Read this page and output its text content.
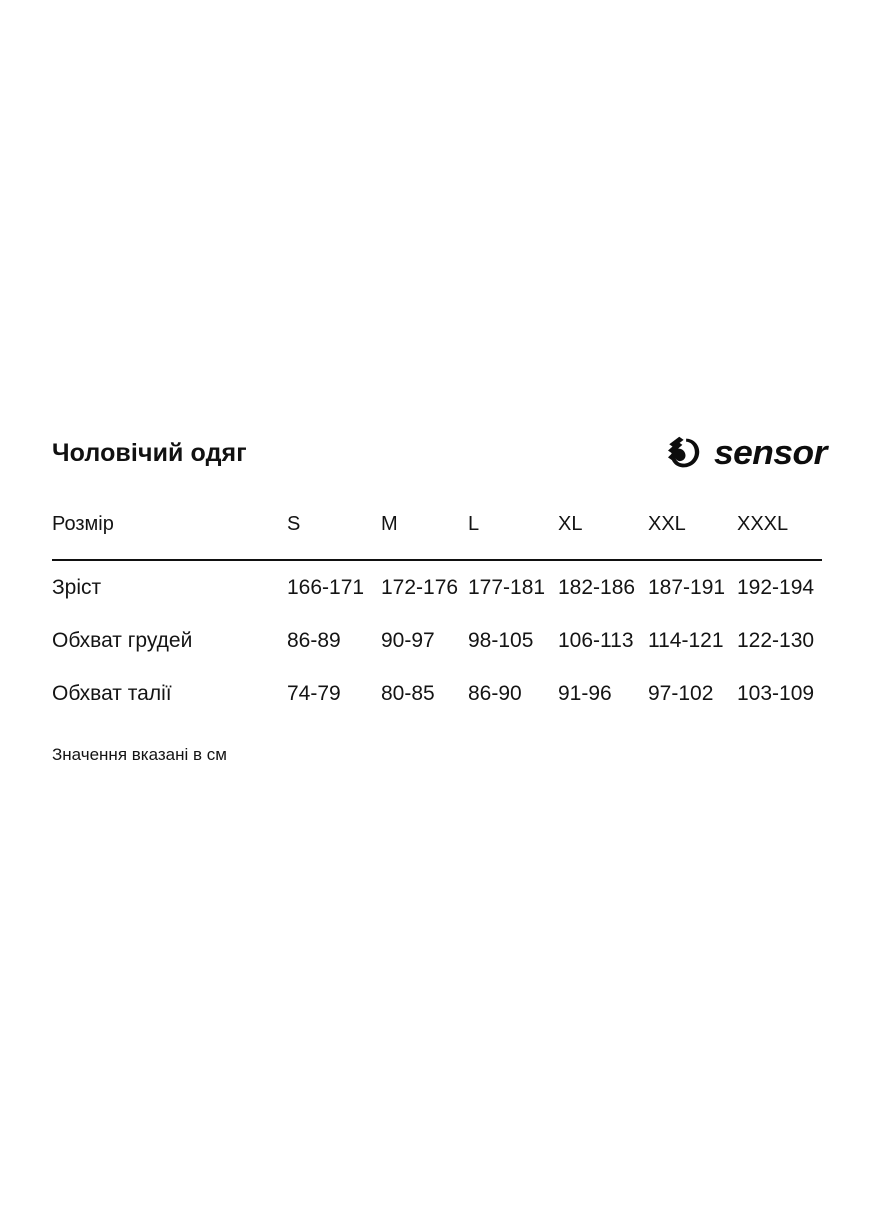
Чоловічий одяг	sensor
Розмір	S	M	L	XL	XXL	XXXL
Зріст	166-171	172-176	177-181	182-186	187-191	192-194
Обхват грудей	86-89	90-97	98-105	106-113	114-121	122-130
Обхват талії	74-79	80-85	86-90	91-96	97-102	103-109
Значення вказані в см
